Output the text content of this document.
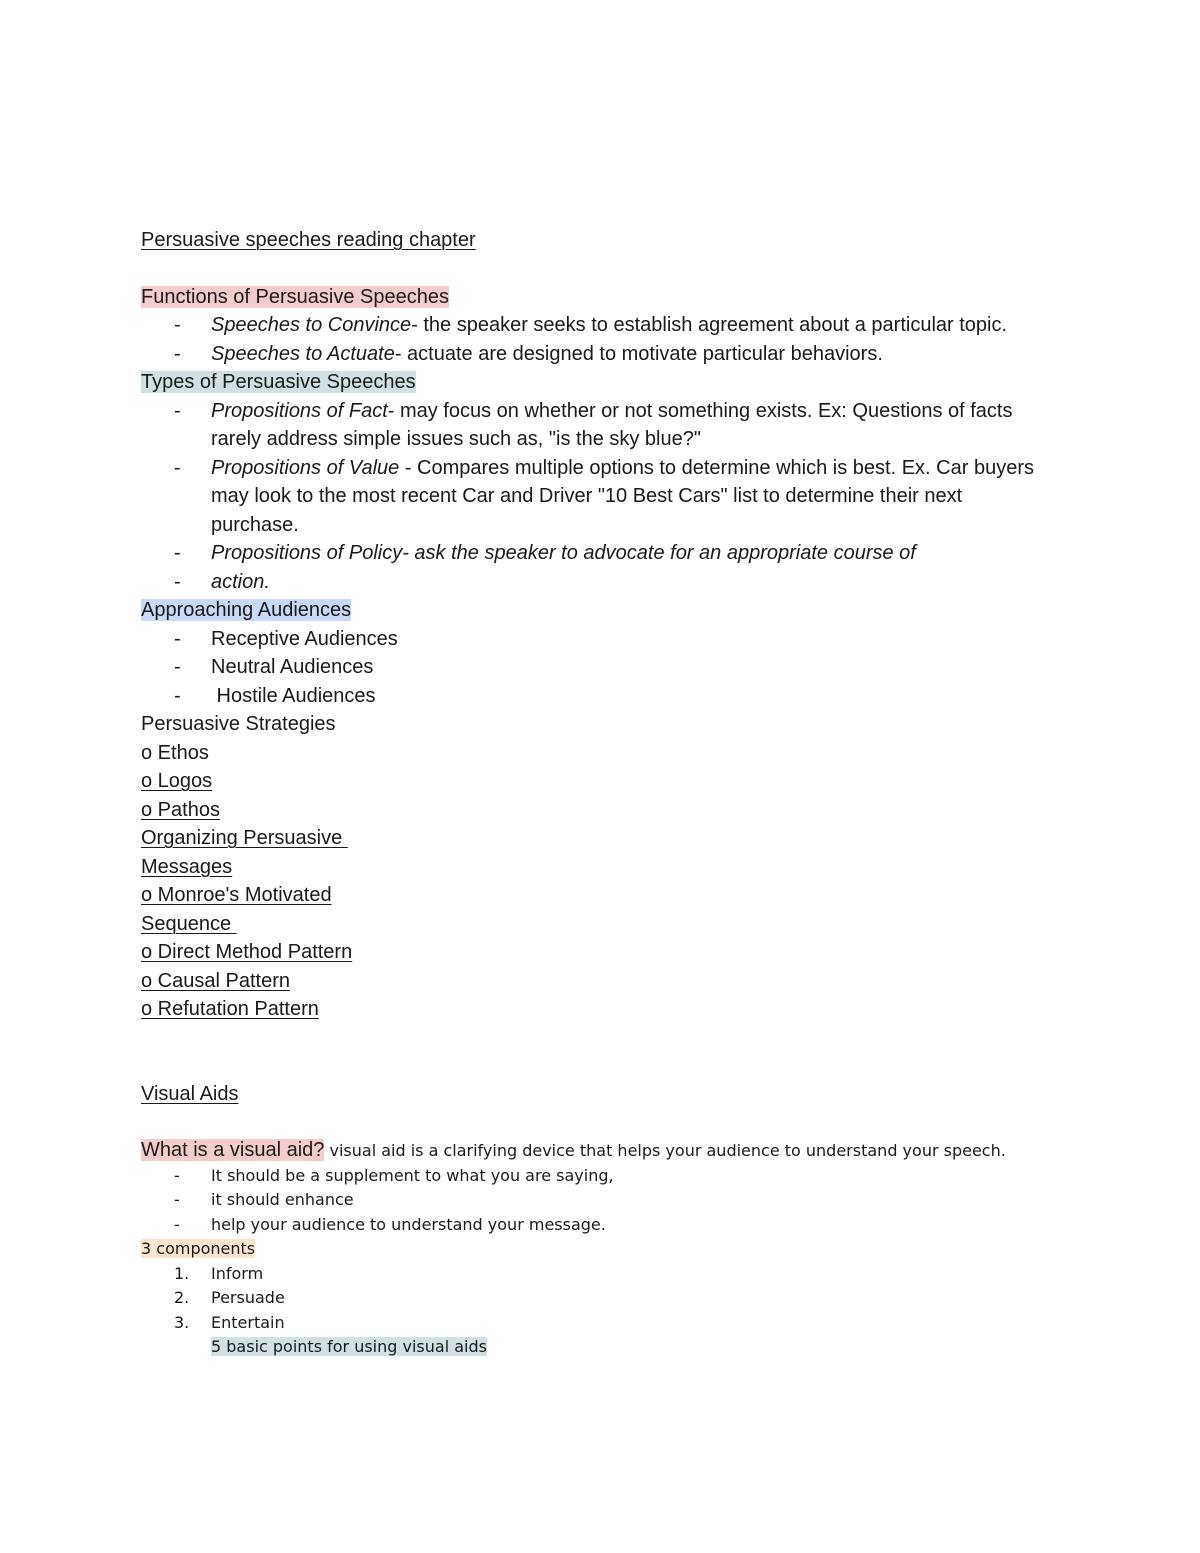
Persuasive speeches reading chapter
Functions of Persuasive Speeches
- Speeches to Convince- the speaker seeks to establish agreement about a particular topic.
- Speeches to Actuate- actuate are designed to motivate particular behaviors.
Types of Persuasive Speeches
- Propositions of Fact- may focus on whether or not something exists. Ex: Questions of facts rarely address simple issues such as, "is the sky blue?"
- Propositions of Value - Compares multiple options to determine which is best. Ex. Car buyers may look to the most recent Car and Driver "10 Best Cars" list to determine their next purchase.
- Propositions of Policy- ask the speaker to advocate for an appropriate course of
- action.
Approaching Audiences
- Receptive Audiences
- Neutral Audiences
- Hostile Audiences
Persuasive Strategies
o Ethos
o Logos
o Pathos
Organizing Persuasive
Messages
o Monroe's Motivated
Sequence
o Direct Method Pattern
o Causal Pattern
o Refutation Pattern
Visual Aids
What is a visual aid? visual aid is a clarifying device that helps your audience to understand your speech.
- It should be a supplement to what you are saying,
- it should enhance
- help your audience to understand your message.
3 components
1. Inform
2. Persuade
3. Entertain
5 basic points for using visual aids
